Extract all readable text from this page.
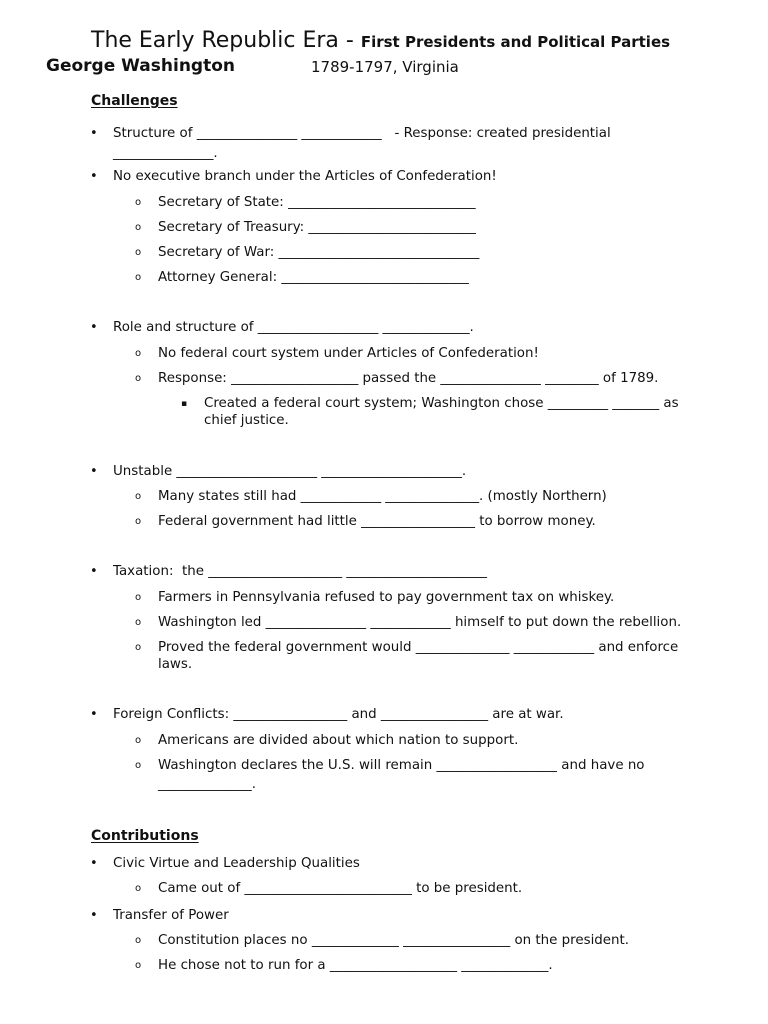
The Early Republic Era - First Presidents and Political Parties
George Washington	1789-1797, Virginia
Challenges
• Structure of _______________ ____________   - Response: created presidential
_______________.
• No executive branch under the Articles of Confederation!
o Secretary of State: ____________________________
o Secretary of Treasury: _________________________
o Secretary of War: ______________________________
o Attorney General: ____________________________
• Role and structure of __________________ _____________.
o No federal court system under Articles of Confederation!
o Response: ___________________ passed the _______________ ________ of 1789.
▪ Created a federal court system; Washington chose _________ _______ as
chief justice.
• Unstable _____________________ _____________________.
o Many states still had ____________ ______________. (mostly Northern)
o Federal government had little _________________ to borrow money.
• Taxation:  the ____________________ _____________________
o Farmers in Pennsylvania refused to pay government tax on whiskey.
o Washington led _______________ ____________ himself to put down the rebellion.
o Proved the federal government would ______________ ____________ and enforce
laws.
• Foreign Conflicts: _________________ and ________________ are at war.
o Americans are divided about which nation to support.
o Washington declares the U.S. will remain __________________ and have no
______________.
Contributions
• Civic Virtue and Leadership Qualities
o Came out of _________________________ to be president.
• Transfer of Power
o Constitution places no _____________ ________________ on the president.
o He chose not to run for a ___________________ _____________.
